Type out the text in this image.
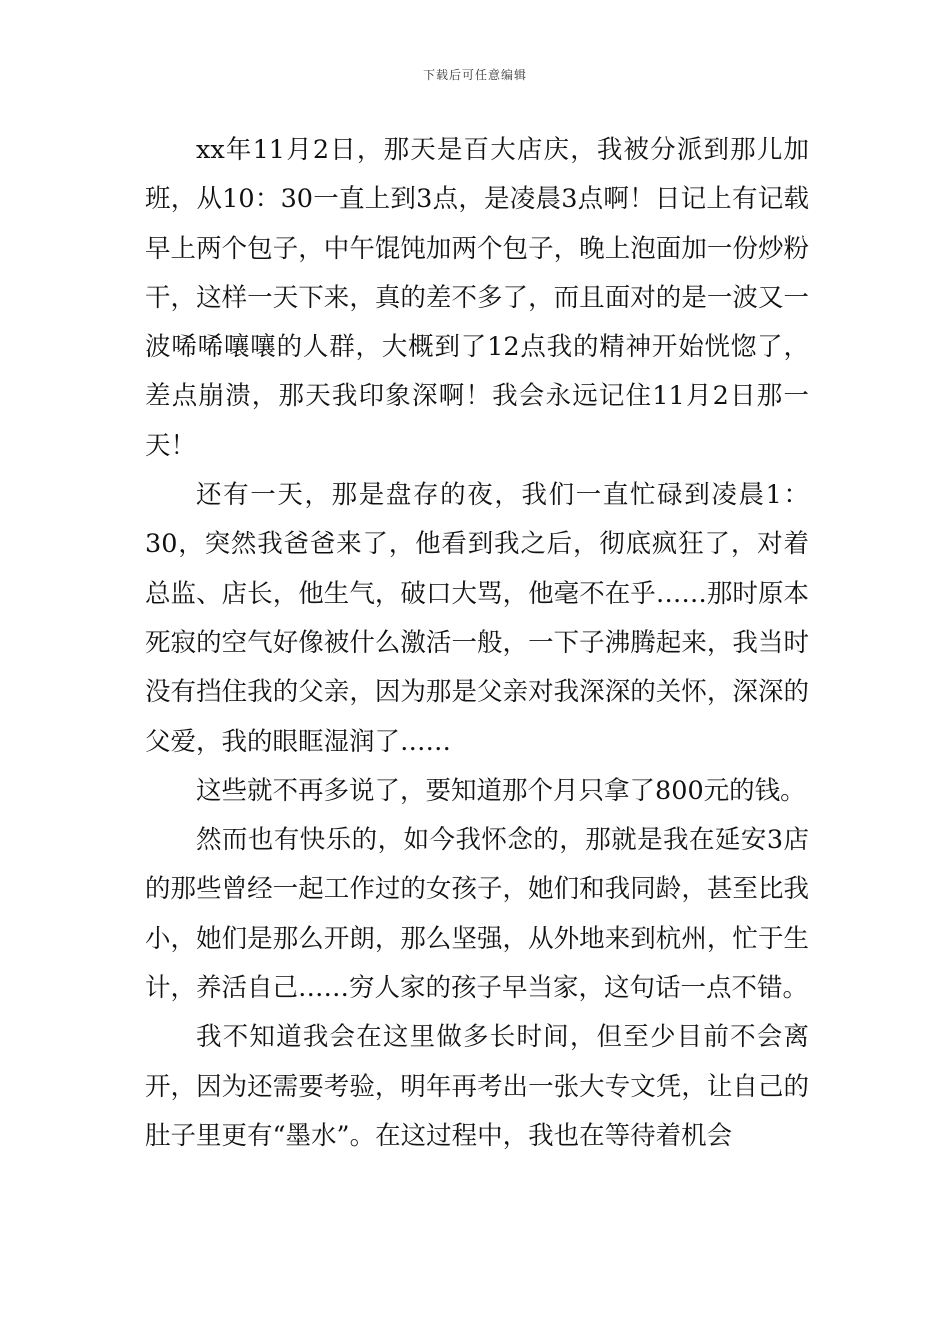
下载后可任意编辑

xx年11月2日，那天是百大店庆，我被分派到那儿加班，从10：30一直上到3点，是凌晨3点啊！日记上有记载早上两个包子，中午馄饨加两个包子，晚上泡面加一份炒粉干，这样一天下来，真的差不多了，而且面对的是一波又一波唏唏嚷嚷的人群，大概到了12点我的精神开始恍惚了，差点崩溃，那天我印象深啊！我会永远记住11月2日那一天！

还有一天，那是盘存的夜，我们一直忙碌到凌晨1：30，突然我爸爸来了，他看到我之后，彻底疯狂了，对着总监、店长，他生气，破口大骂，他毫不在乎……那时原本死寂的空气好像被什么激活一般，一下子沸腾起来，我当时没有挡住我的父亲，因为那是父亲对我深深的关怀，深深的父爱，我的眼眶湿润了……

这些就不再多说了，要知道那个月只拿了800元的钱。

然而也有快乐的，如今我怀念的，那就是我在延安3店的那些曾经一起工作过的女孩子，她们和我同龄，甚至比我小，她们是那么开朗，那么坚强，从外地来到杭州，忙于生计，养活自己……穷人家的孩子早当家，这句话一点不错。

我不知道我会在这里做多长时间，但至少目前不会离开，因为还需要考验，明年再考出一张大专文凭，让自己的肚子里更有“墨水”。在这过程中，我也在等待着机会
